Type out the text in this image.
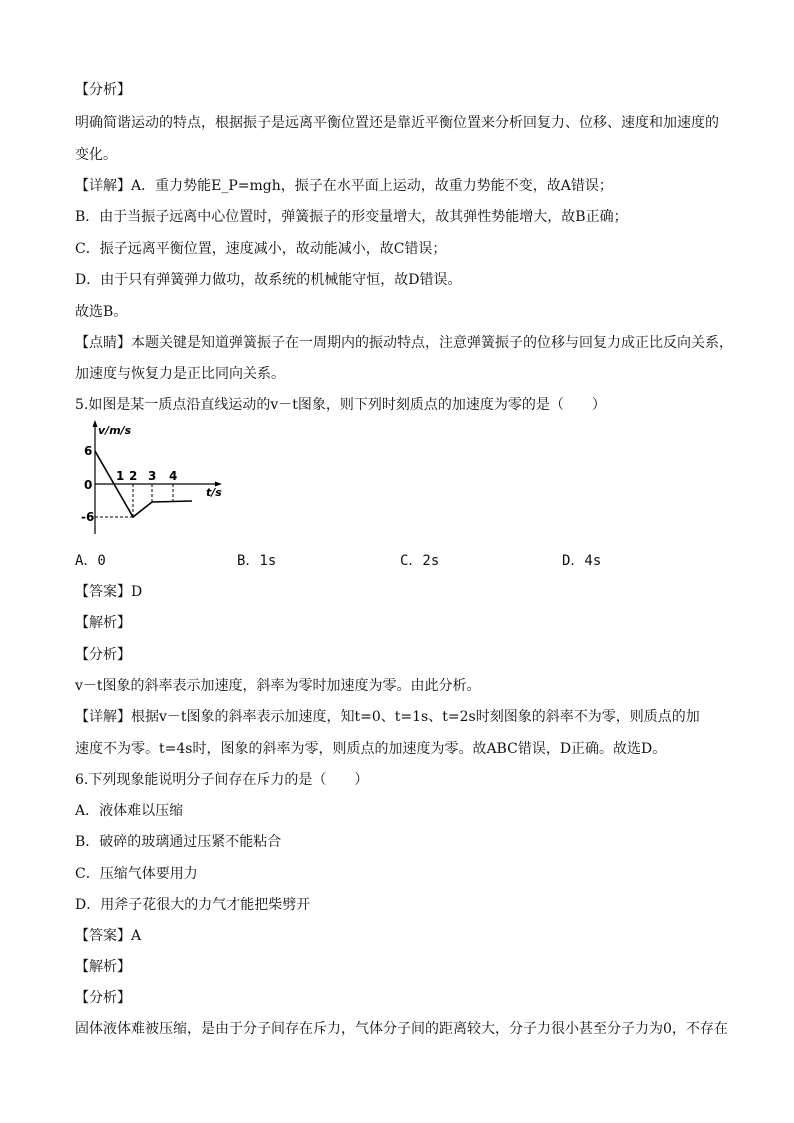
【分析】
明确简谐运动的特点，根据振子是远离平衡位置还是靠近平衡位置来分析回复力、位移、速度和加速度的
变化。
【详解】A．重力势能E_P=mgh，振子在水平面上运动，故重力势能不变，故A错误；
B．由于当振子远离中心位置时，弹簧振子的形变量增大，故其弹性势能增大，故B正确；
C．振子远离平衡位置，速度减小，故动能减小，故C错误；
D．由于只有弹簧弹力做功，故系统的机械能守恒，故D错误。
故选B。
【点睛】本题关键是知道弹簧振子在一周期内的振动特点，注意弹簧振子的位移与回复力成正比反向关系，
加速度与恢复力是正比同向关系。
5.如图是某一质点沿直线运动的v－t图象，则下列时刻质点的加速度为零的是（　　）
v/m/s
t/s
6
0
-6
1 2 3 4
A．0	B．1s	C．2s	D．4s
【答案】D
【解析】
【分析】
v－t图象的斜率表示加速度，斜率为零时加速度为零。由此分析。
【详解】根据v－t图象的斜率表示加速度，知t=0、t=1s、t=2s时刻图象的斜率不为零，则质点的加
速度不为零。t=4s时，图象的斜率为零，则质点的加速度为零。故ABC错误，D正确。故选D。
6.下列现象能说明分子间存在斥力的是（　　）
A．液体难以压缩
B．破碎的玻璃通过压紧不能粘合
C．压缩气体要用力
D．用斧子花很大的力气才能把柴劈开
【答案】A
【解析】
【分析】
固体液体难被压缩，是由于分子间存在斥力，气体分子间的距离较大，分子力很小甚至分子力为0，不存在
